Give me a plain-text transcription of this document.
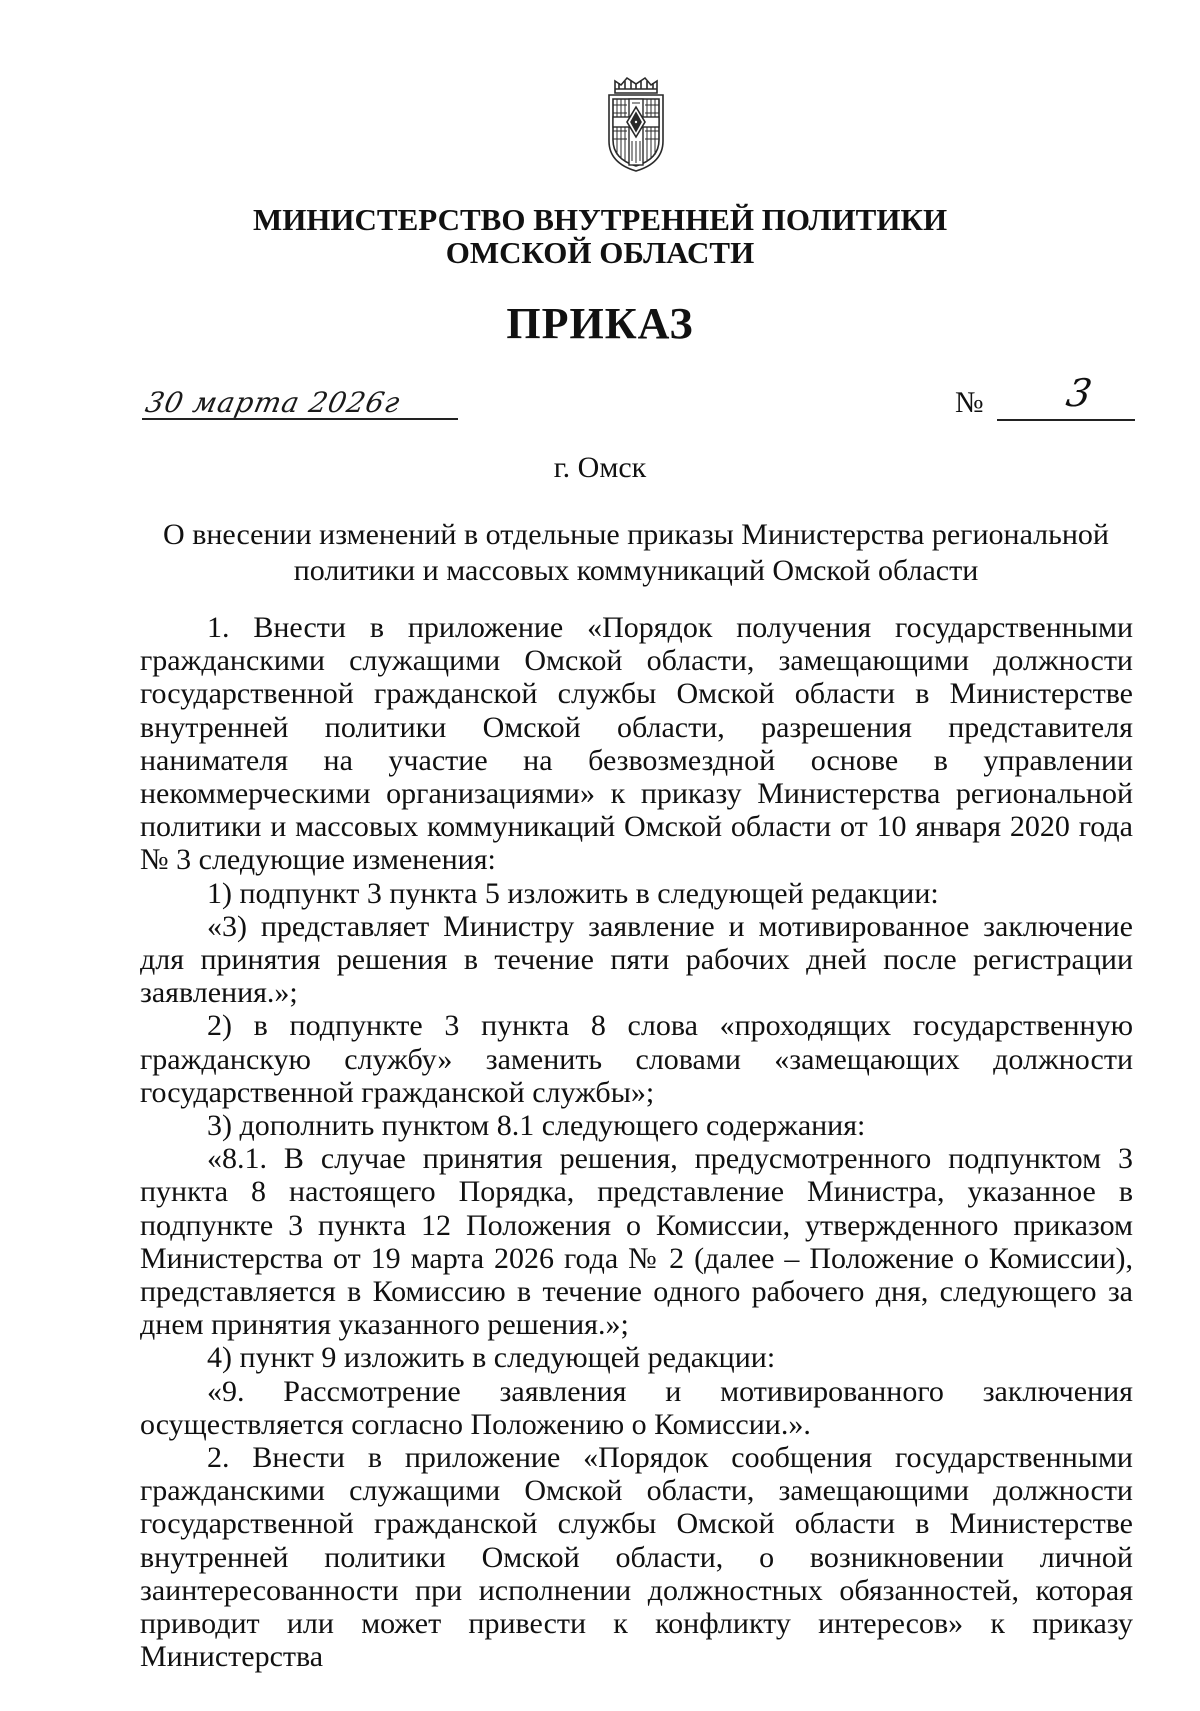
МИНИСТЕРСТВО ВНУТРЕННЕЙ ПОЛИТИКИ
ОМСКОЙ ОБЛАСТИ
ПРИКАЗ
30 марта 2026г	№ 3
г. Омск
О внесении изменений в отдельные приказы Министерства региональной
политики и массовых коммуникаций Омской области

1. Внести в приложение «Порядок получения государственными гражданскими служащими Омской области, замещающими должности государственной гражданской службы Омской области в Министерстве внутренней политики Омской области, разрешения представителя нанимателя на участие на безвозмездной основе в управлении некоммерческими организациями» к приказу Министерства региональной политики и массовых коммуникаций Омской области от 10 января 2020 года № 3 следующие изменения:

1) подпункт 3 пункта 5 изложить в следующей редакции:

«3) представляет Министру заявление и мотивированное заключение для принятия решения в течение пяти рабочих дней после регистрации заявления.»;

2) в подпункте 3 пункта 8 слова «проходящих государственную гражданскую службу» заменить словами «замещающих должности государственной гражданской службы»;

3) дополнить пунктом 8.1 следующего содержания:

«8.1. В случае принятия решения, предусмотренного подпунктом 3 пункта 8 настоящего Порядка, представление Министра, указанное в подпункте 3 пункта 12 Положения о Комиссии, утвержденного приказом Министерства от 19 марта 2026 года № 2 (далее – Положение о Комиссии), представляется в Комиссию в течение одного рабочего дня, следующего за днем принятия указанного решения.»;

4) пункт 9 изложить в следующей редакции:

«9. Рассмотрение заявления и мотивированного заключения осуществляется согласно Положению о Комиссии.».

2. Внести в приложение «Порядок сообщения государственными гражданскими служащими Омской области, замещающими должности государственной гражданской службы Омской области в Министерстве внутренней политики Омской области, о возникновении личной заинтересованности при исполнении должностных обязанностей, которая приводит или может привести к конфликту интересов» к приказу Министерства
